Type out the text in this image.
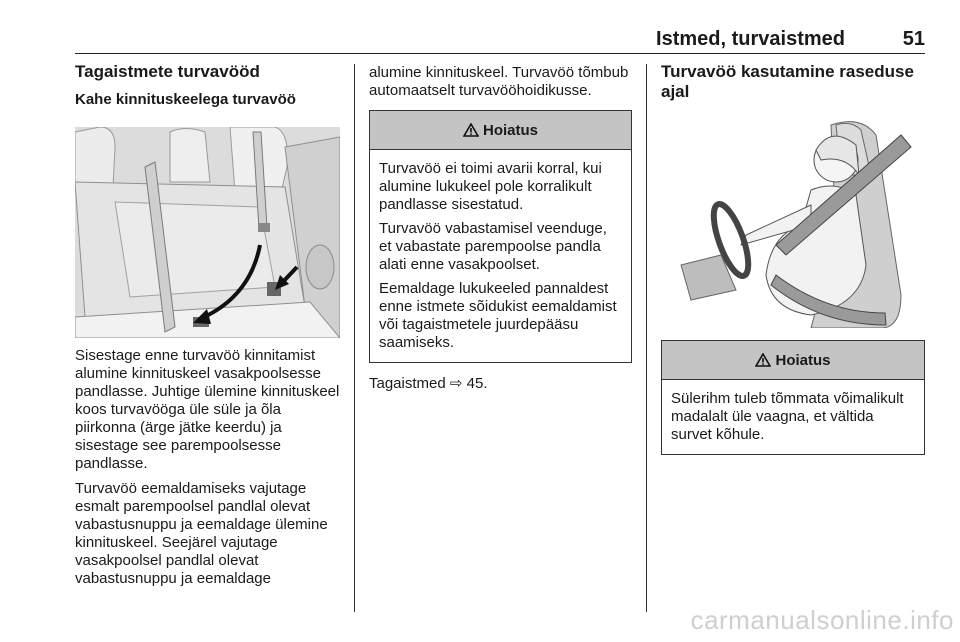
Istmed, turvaistmed	51
Tagaistmete turvavööd
Kahe kinnituskeelega turvavöö

Sisestage enne turvavöö kinnitamist alumine kinnituskeel vasakpoolsesse pandlasse. Juhtige ülemine kinnituskeel koos turvavööga üle süle ja õla piirkonna (ärge jätke keerdu) ja sisestage see parempoolsesse pandlasse.

Turvavöö eemaldamiseks vajutage esmalt parempoolsel pandlal olevat vabastusnuppu ja eemaldage ülemine kinnituskeel. Seejärel vajutage vasakpoolsel pandlal olevat vabastusnuppu ja eemaldage

alumine kinnituskeel. Turvavöö tõmbub automaatselt turvavööhoidikusse.

Hoiatus

Turvavöö ei toimi avarii korral, kui alumine lukukeel pole korralikult pandlasse sisestatud.

Turvavöö vabastamisel veenduge, et vabastate parempoolse pandla alati enne vasakpoolset.

Eemaldage lukukeeled pannaldest enne istmete sõidukist eemaldamist või tagaistmetele juurdepääsu saamiseks.

Tagaistmed ⇨ 45.

Turvavöö kasutamine raseduse ajal
Hoiatus

Sülerihm tuleb tõmmata võimalikult madalalt üle vaagna, et vältida survet kõhule.

carmanualsonline.info
